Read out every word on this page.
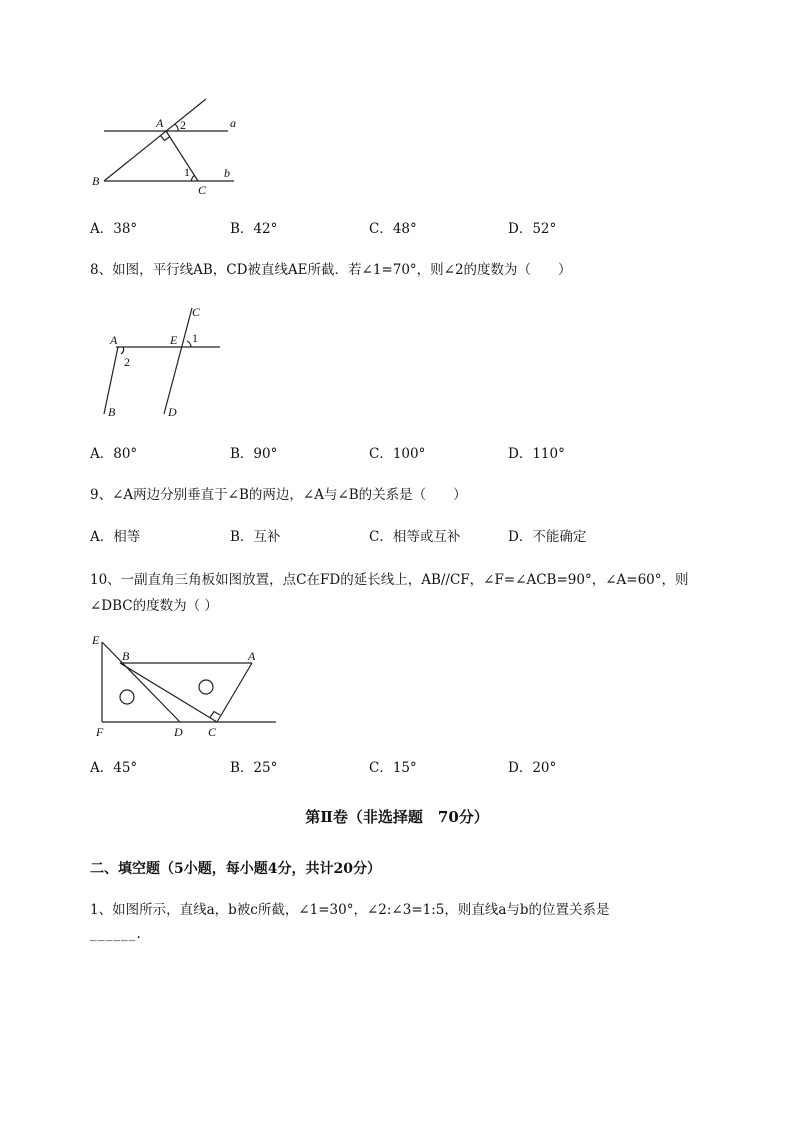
A 2	a
B
1
C
b
A．38°	B．42°	C．48°	D．52°
8、如图，平行线AB，CD被直线AE所截．若∠1=70°，则∠2的度数为（　　）
C
A	E 1
2
B	D
A．80°	B．90°	C．100°	D．110°
9、∠A两边分别垂直于∠B的两边，∠A与∠B的关系是（　　）
A．相等	B．互补	C．相等或互补	D．不能确定
10、一副直角三角板如图放置，点C在FD的延长线上，AB//CF，∠F=∠ACB=90°，∠A=60°，则
∠DBC的度数为（ ）
E
B	A
F	D C
A．45°	B．25°	C．15°	D．20°
第Ⅱ卷（非选择题　70分）
二、填空题（5小题，每小题4分，共计20分）
1、如图所示，直线a，b被c所截，∠1=30°，∠2:∠3=1:5，则直线a与b的位置关系是
______.
